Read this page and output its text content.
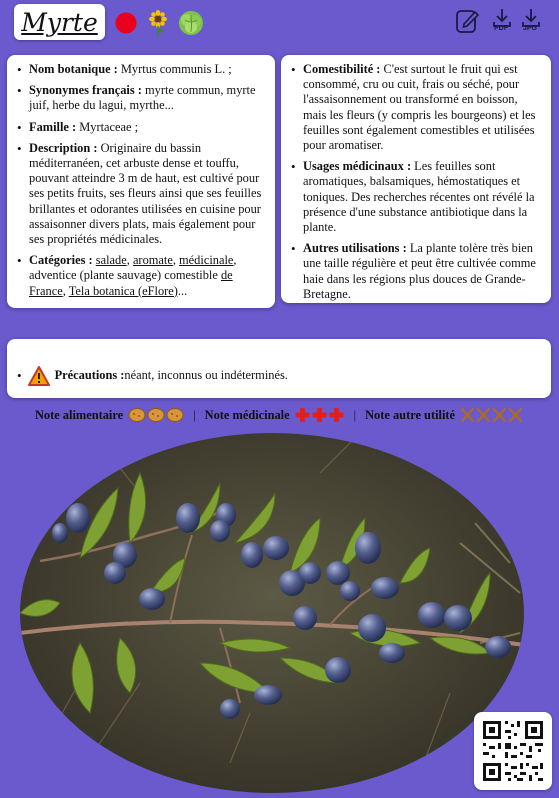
Myrte	PDF JPG
• Nom botanique : Myrtus communis L. ;
• Synonymes français : myrte commun, myrte juif, herbe du lagui, myrthe...
• Famille : Myrtaceae ;
• Description : Originaire du bassin méditerranéen, cet arbuste dense et touffu, pouvant atteindre 3 m de haut, est cultivé pour ses petits fruits, ses fleurs ainsi que ses feuilles brillantes et odorantes utilisées en cuisine pour assaisonner divers plats, mais également pour ses propriétés médicinales.
• Catégories : salade, aromate, médicinale, adventice (plante sauvage) comestible de France, Tela botanica (eFlore)...
• Comestibilité : C'est surtout le fruit qui est consommé, cru ou cuit, frais ou séché, pour l'assaisonnement ou transformé en boisson, mais les fleurs (y compris les bourgeons) et les feuilles sont également comestibles et utilisées pour aromatiser.
• Usages médicinaux : Les feuilles sont aromatiques, balsamiques, hémostatiques et toniques. Des recherches récentes ont révélé la présence d'une substance antibiotique dans la plante.
• Autres utilisations : La plante tolère très bien une taille régulière et peut être cultivée comme haie dans les régions plus douces de Grande-Bretagne.
•	Précautions : néant, inconnus ou indéterminés.
Note alimentaire	| Note médicinale	| Note autre utilité
